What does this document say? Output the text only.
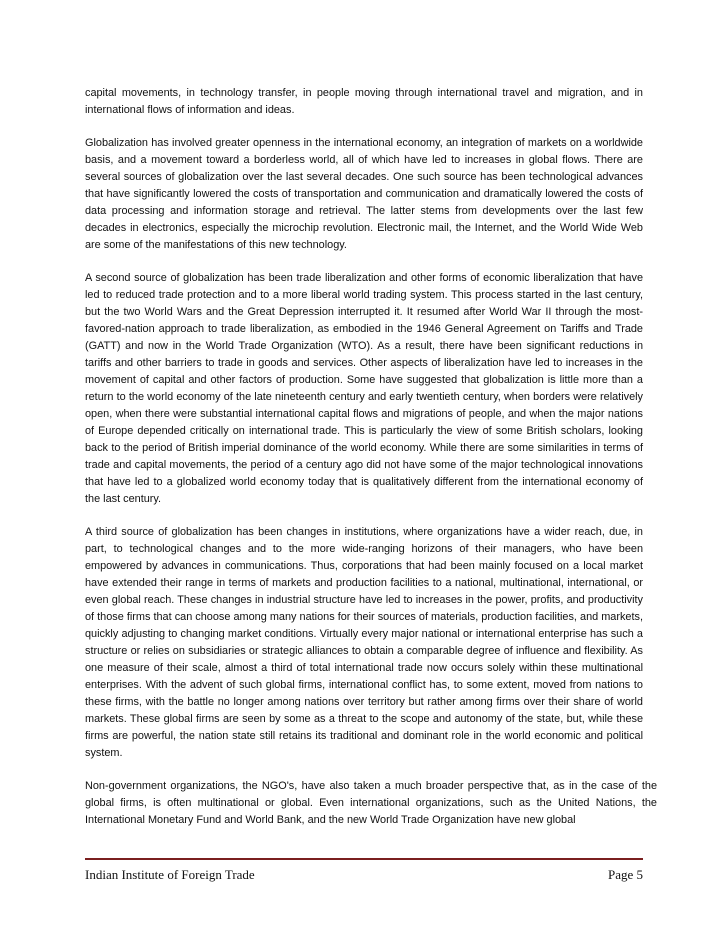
capital movements, in technology transfer, in people moving through international travel and migration, and in international flows of information and ideas.

Globalization has involved greater openness in the international economy, an integration of markets on a worldwide basis, and a movement toward a borderless world, all of which have led to increases in global flows. There are several sources of globalization over the last several decades. One such source has been technological advances that have significantly lowered the costs of transportation and communication and dramatically lowered the costs of data processing and information storage and retrieval. The latter stems from developments over the last few decades in electronics, especially the microchip revolution. Electronic mail, the Internet, and the World Wide Web are some of the manifestations of this new technology.

A second source of globalization has been trade liberalization and other forms of economic liberalization that have led to reduced trade protection and to a more liberal world trading system. This process started in the last century, but the two World Wars and the Great Depression interrupted it. It resumed after World War II through the most-favored-nation approach to trade liberalization, as embodied in the 1946 General Agreement on Tariffs and Trade (GATT) and now in the World Trade Organization (WTO). As a result, there have been significant reductions in tariffs and other barriers to trade in goods and services. Other aspects of liberalization have led to increases in the movement of capital and other factors of production. Some have suggested that globalization is little more than a return to the world economy of the late nineteenth century and early twentieth century, when borders were relatively open, when there were substantial international capital flows and migrations of people, and when the major nations of Europe depended critically on international trade. This is particularly the view of some British scholars, looking back to the period of British imperial dominance of the world economy. While there are some similarities in terms of trade and capital movements, the period of a century ago did not have some of the major technological innovations that have led to a globalized world economy today that is qualitatively different from the international economy of the last century.

A third source of globalization has been changes in institutions, where organizations have a wider reach, due, in part, to technological changes and to the more wide-ranging horizons of their managers, who have been empowered by advances in communications. Thus, corporations that had been mainly focused on a local market have extended their range in terms of markets and production facilities to a national, multinational, international, or even global reach. These changes in industrial structure have led to increases in the power, profits, and productivity of those firms that can choose among many nations for their sources of materials, production facilities, and markets, quickly adjusting to changing market conditions. Virtually every major national or international enterprise has such a structure or relies on subsidiaries or strategic alliances to obtain a comparable degree of influence and flexibility. As one measure of their scale, almost a third of total international trade now occurs solely within these multinational enterprises. With the advent of such global firms, international conflict has, to some extent, moved from nations to these firms, with the battle no longer among nations over territory but rather among firms over their share of world markets. These global firms are seen by some as a threat to the scope and autonomy of the state, but, while these firms are powerful, the nation state still retains its traditional and dominant role in the world economic and political system.

Non-government organizations, the NGO's, have also taken a much broader perspective that, as in the case of the global firms, is often multinational or global. Even international organizations, such as the United Nations, the International Monetary Fund and World Bank, and the new World Trade Organization have new global

Indian Institute of Foreign Trade	Page 5
